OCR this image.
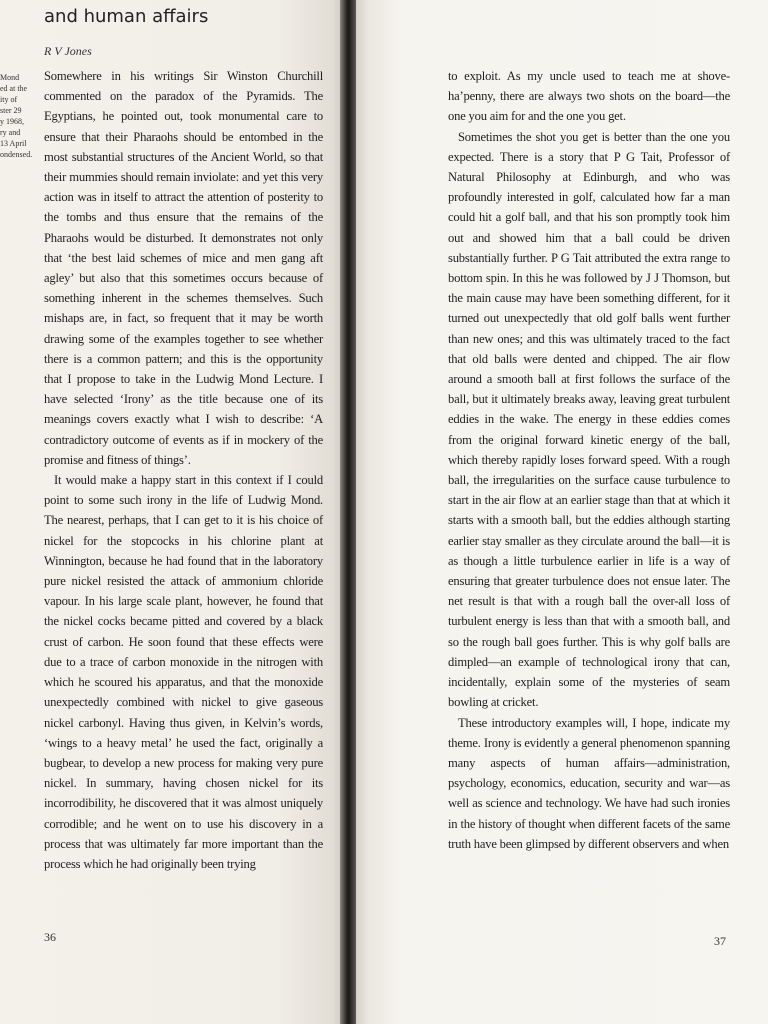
and human affairs
R V Jones
Mond
ed at the
ity of
ster 29
y 1968,
ry and
13 April
ondensed.

Somewhere in his writings Sir Winston Churchill commented on the paradox of the Pyramids. The Egyptians, he pointed out, took monumental care to ensure that their Pharaohs should be entombed in the most substantial structures of the Ancient World, so that their mummies should remain inviolate: and yet this very action was in itself to attract the attention of posterity to the tombs and thus ensure that the remains of the Pharaohs would be disturbed. It demonstrates not only that ‘the best laid schemes of mice and men gang aft agley’ but also that this sometimes occurs because of something inherent in the schemes themselves. Such mishaps are, in fact, so frequent that it may be worth drawing some of the examples together to see whether there is a common pattern; and this is the opportunity that I propose to take in the Ludwig Mond Lecture. I have selected ‘Irony’ as the title because one of its meanings covers exactly what I wish to describe: ‘A contradictory outcome of events as if in mockery of the promise and fitness of things’.

It would make a happy start in this context if I could point to some such irony in the life of Ludwig Mond. The nearest, perhaps, that I can get to it is his choice of nickel for the stopcocks in his chlorine plant at Winnington, because he had found that in the laboratory pure nickel resisted the attack of ammonium chloride vapour. In his large scale plant, however, he found that the nickel cocks became pitted and covered by a black crust of carbon. He soon found that these effects were due to a trace of carbon monoxide in the nitrogen with which he scoured his apparatus, and that the monoxide unexpectedly combined with nickel to give gaseous nickel carbonyl. Having thus given, in Kelvin’s words, ‘wings to a heavy metal’ he used the fact, originally a bugbear, to develop a new process for making very pure nickel. In summary, having chosen nickel for its incorrodibility, he discovered that it was almost uniquely corrodible; and he went on to use his discovery in a process that was ultimately far more important than the process which he had originally been trying

36

to exploit. As my uncle used to teach me at shove-ha’penny, there are always two shots on the board—the one you aim for and the one you get.

Sometimes the shot you get is better than the one you expected. There is a story that P G Tait, Professor of Natural Philosophy at Edinburgh, and who was profoundly interested in golf, calculated how far a man could hit a golf ball, and that his son promptly took him out and showed him that a ball could be driven substantially further. P G Tait attributed the extra range to bottom spin. In this he was followed by J J Thomson, but the main cause may have been something different, for it turned out unexpectedly that old golf balls went further than new ones; and this was ultimately traced to the fact that old balls were dented and chipped. The air flow around a smooth ball at first follows the surface of the ball, but it ultimately breaks away, leaving great turbulent eddies in the wake. The energy in these eddies comes from the original forward kinetic energy of the ball, which thereby rapidly loses forward speed. With a rough ball, the irregularities on the surface cause turbulence to start in the air flow at an earlier stage than that at which it starts with a smooth ball, but the eddies although starting earlier stay smaller as they circulate around the ball—it is as though a little turbulence earlier in life is a way of ensuring that greater turbulence does not ensue later. The net result is that with a rough ball the over-all loss of turbulent energy is less than that with a smooth ball, and so the rough ball goes further. This is why golf balls are dimpled—an example of technological irony that can, incidentally, explain some of the mysteries of seam bowling at cricket.

These introductory examples will, I hope, indicate my theme. Irony is evidently a general phenomenon spanning many aspects of human affairs—administration, psychology, economics, education, security and war—as well as science and technology. We have had such ironies in the history of thought when different facets of the same truth have been glimpsed by different observers and when

37
